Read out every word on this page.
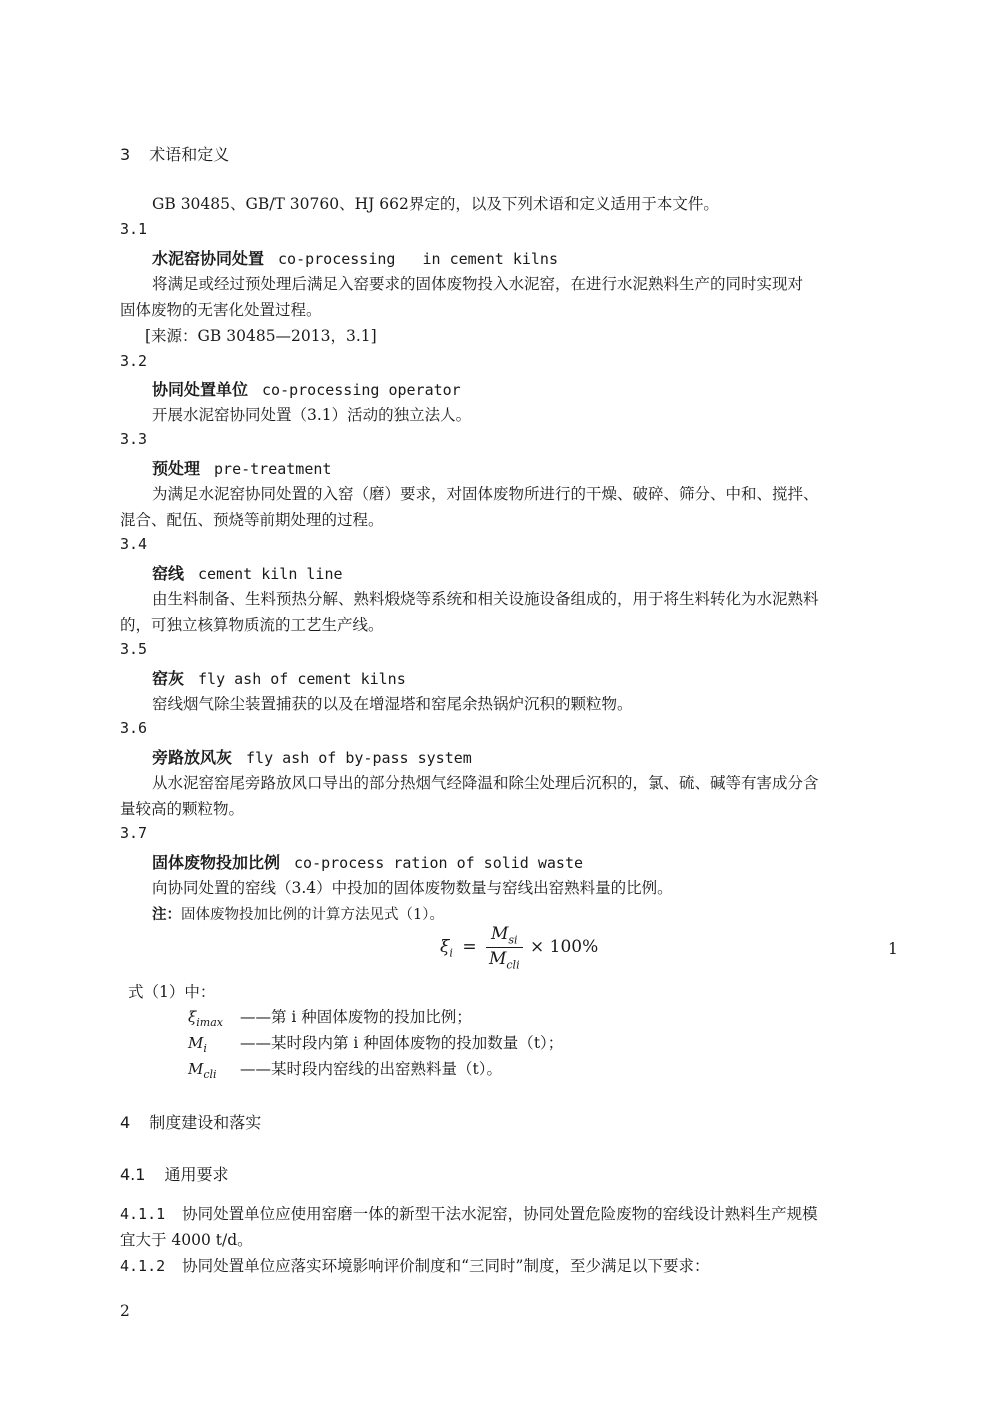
3 术语和定义
GB 30485、GB/T 30760、HJ 662界定的，以及下列术语和定义适用于本文件。
3.1
水泥窑协同处置 co-processing   in cement kilns
将满足或经过预处理后满足入窑要求的固体废物投入水泥窑，在进行水泥熟料生产的同时实现对
固体废物的无害化处置过程。
[来源：GB 30485—2013，3.1]
3.2
协同处置单位 co-processing operator
开展水泥窑协同处置（3.1）活动的独立法人。
3.3
预处理 pre-treatment
为满足水泥窑协同处置的入窑（磨）要求，对固体废物所进行的干燥、破碎、筛分、中和、搅拌、
混合、配伍、预烧等前期处理的过程。
3.4
窑线 cement kiln line
由生料制备、生料预热分解、熟料煅烧等系统和相关设施设备组成的，用于将生料转化为水泥熟料
的，可独立核算物质流的工艺生产线。
3.5
窑灰 fly ash of cement kilns
窑线烟气除尘装置捕获的以及在增湿塔和窑尾余热锅炉沉积的颗粒物。
3.6
旁路放风灰 fly ash of by-pass system
从水泥窑窑尾旁路放风口导出的部分热烟气经降温和除尘处理后沉积的，氯、硫、碱等有害成分含
量较高的颗粒物。
3.7
固体废物投加比例 co-process ration of solid waste
向协同处置的窑线（3.4）中投加的固体废物数量与窑线出窑熟料量的比例。
注：固体废物投加比例的计算方法见式（1）。
$\xi_i = \frac{M_{si}}{M_{cli}} \times 100\%$	1
式（1）中：
$\xi_{imax}$ ——第 i 种固体废物的投加比例；
$M_i$ ——某时段内第 i 种固体废物的投加数量（t）；
$M_{cli}$ ——某时段内窑线的出窑熟料量（t）。
4 制度建设和落实
4.1 通用要求
4.1.1 协同处置单位应使用窑磨一体的新型干法水泥窑，协同处置危险废物的窑线设计熟料生产规模
宜大于 4000 t/d。
4.1.2 协同处置单位应落实环境影响评价制度和“三同时”制度，至少满足以下要求：
2
